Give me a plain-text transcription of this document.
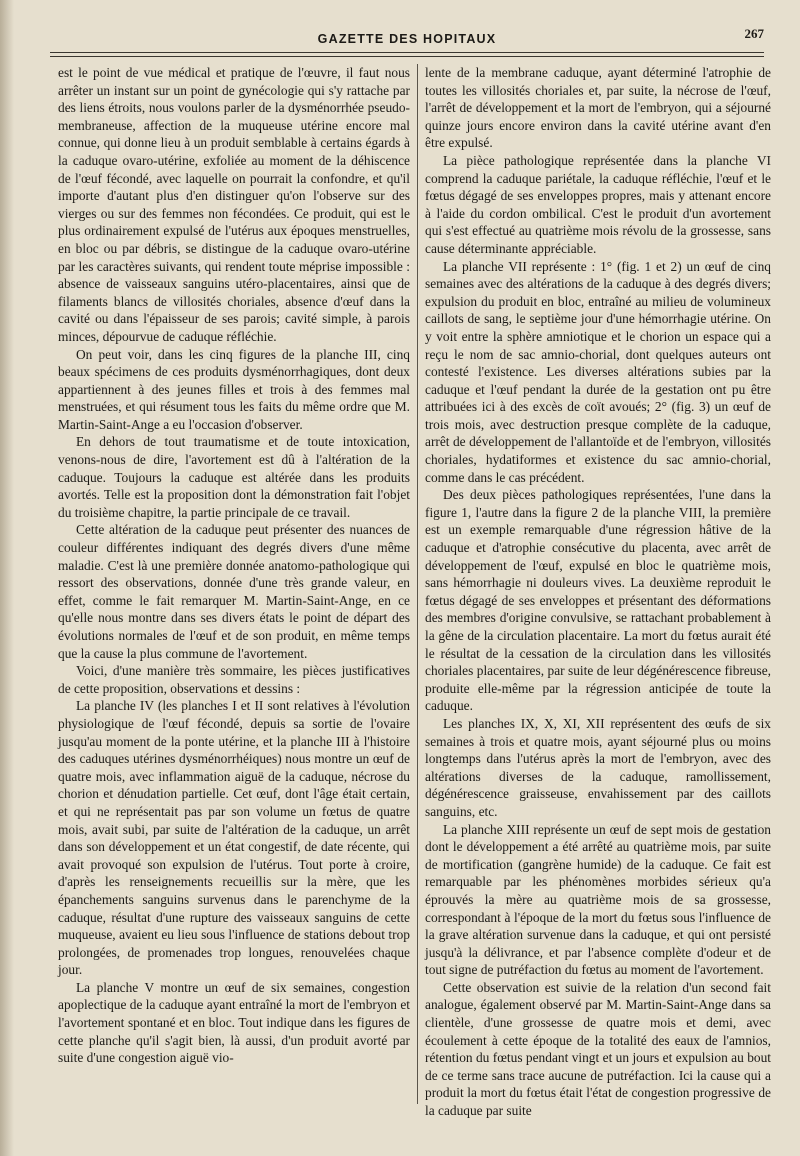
GAZETTE DES HOPITAUX	267

est le point de vue médical et pratique de l'œuvre, il faut nous arrêter un instant sur un point de gynécologie qui s'y rattache par des liens étroits, nous voulons parler de la dysménorrhée pseudo-membraneuse, affection de la muqueuse utérine encore mal connue, qui donne lieu à un produit semblable à certains égards à la caduque ovaro-utérine, exfoliée au moment de la déhiscence de l'œuf fécondé, avec laquelle on pourrait la confondre, et qu'il importe d'autant plus d'en distinguer qu'on l'observe sur des vierges ou sur des femmes non fécondées. Ce produit, qui est le plus ordinairement expulsé de l'utérus aux époques menstruelles, en bloc ou par débris, se distingue de la caduque ovaro-utérine par les caractères suivants, qui rendent toute méprise impossible : absence de vaisseaux sanguins utéro-placentaires, ainsi que de filaments blancs de villosités choriales, absence d'œuf dans la cavité ou dans l'épaisseur de ses parois; cavité simple, à parois minces, dépourvue de caduque réfléchie.

On peut voir, dans les cinq figures de la planche III, cinq beaux spécimens de ces produits dysménorrhagiques, dont deux appartiennent à des jeunes filles et trois à des femmes mal menstruées, et qui résument tous les faits du même ordre que M. Martin-Saint-Ange a eu l'occasion d'observer.

En dehors de tout traumatisme et de toute intoxication, venons-nous de dire, l'avortement est dû à l'altération de la caduque. Toujours la caduque est altérée dans les produits avortés. Telle est la proposition dont la démonstration fait l'objet du troisième chapitre, la partie principale de ce travail.

Cette altération de la caduque peut présenter des nuances de couleur différentes indiquant des degrés divers d'une même maladie. C'est là une première donnée anatomo-pathologique qui ressort des observations, donnée d'une très grande valeur, en effet, comme le fait remarquer M. Martin-Saint-Ange, en ce qu'elle nous montre dans ses divers états le point de départ des évolutions normales de l'œuf et de son produit, en même temps que la cause la plus commune de l'avortement.

Voici, d'une manière très sommaire, les pièces justificatives de cette proposition, observations et dessins :

La planche IV (les planches I et II sont relatives à l'évolution physiologique de l'œuf fécondé, depuis sa sortie de l'ovaire jusqu'au moment de la ponte utérine, et la planche III à l'histoire des caduques utérines dysménorrhéiques) nous montre un œuf de quatre mois, avec inflammation aiguë de la caduque, nécrose du chorion et dénudation partielle. Cet œuf, dont l'âge était certain, et qui ne représentait pas par son volume un fœtus de quatre mois, avait subi, par suite de l'altération de la caduque, un arrêt dans son développement et un état congestif, de date récente, qui avait provoqué son expulsion de l'utérus. Tout porte à croire, d'après les renseignements recueillis sur la mère, que les épanchements sanguins survenus dans le parenchyme de la caduque, résultat d'une rupture des vaisseaux sanguins de cette muqueuse, avaient eu lieu sous l'influence de stations debout trop prolongées, de promenades trop longues, renouvelées chaque jour.

La planche V montre un œuf de six semaines, congestion apoplectique de la caduque ayant entraîné la mort de l'embryon et l'avortement spontané et en bloc. Tout indique dans les figures de cette planche qu'il s'agit bien, là aussi, d'un produit avorté par suite d'une congestion aiguë vio-

lente de la membrane caduque, ayant déterminé l'atrophie de toutes les villosités choriales et, par suite, la nécrose de l'œuf, l'arrêt de développement et la mort de l'embryon, qui a séjourné quinze jours encore environ dans la cavité utérine avant d'en être expulsé.

La pièce pathologique représentée dans la planche VI comprend la caduque pariétale, la caduque réfléchie, l'œuf et le fœtus dégagé de ses enveloppes propres, mais y attenant encore à l'aide du cordon ombilical. C'est le produit d'un avortement qui s'est effectué au quatrième mois révolu de la grossesse, sans cause déterminante appréciable.

La planche VII représente : 1° (fig. 1 et 2) un œuf de cinq semaines avec des altérations de la caduque à des degrés divers; expulsion du produit en bloc, entraîné au milieu de volumineux caillots de sang, le septième jour d'une hémorrhagie utérine. On y voit entre la sphère amniotique et le chorion un espace qui a reçu le nom de sac amnio-chorial, dont quelques auteurs ont contesté l'existence. Les diverses altérations subies par la caduque et l'œuf pendant la durée de la gestation ont pu être attribuées ici à des excès de coït avoués; 2° (fig. 3) un œuf de trois mois, avec destruction presque complète de la caduque, arrêt de développement de l'allantoïde et de l'embryon, villosités choriales, hydatiformes et existence du sac amnio-chorial, comme dans le cas précédent.

Des deux pièces pathologiques représentées, l'une dans la figure 1, l'autre dans la figure 2 de la planche VIII, la première est un exemple remarquable d'une régression hâtive de la caduque et d'atrophie consécutive du placenta, avec arrêt de développement de l'œuf, expulsé en bloc le quatrième mois, sans hémorrhagie ni douleurs vives. La deuxième reproduit le fœtus dégagé de ses enveloppes et présentant des déformations des membres d'origine convulsive, se rattachant probablement à la gêne de la circulation placentaire. La mort du fœtus aurait été le résultat de la cessation de la circulation dans les villosités choriales placentaires, par suite de leur dégénérescence fibreuse, produite elle-même par la régression anticipée de toute la caduque.

Les planches IX, X, XI, XII représentent des œufs de six semaines à trois et quatre mois, ayant séjourné plus ou moins longtemps dans l'utérus après la mort de l'embryon, avec des altérations diverses de la caduque, ramollissement, dégénérescence graisseuse, envahissement par des caillots sanguins, etc.

La planche XIII représente un œuf de sept mois de gestation dont le développement a été arrêté au quatrième mois, par suite de mortification (gangrène humide) de la caduque. Ce fait est remarquable par les phénomènes morbides sérieux qu'a éprouvés la mère au quatrième mois de sa grossesse, correspondant à l'époque de la mort du fœtus sous l'influence de la grave altération survenue dans la caduque, et qui ont persisté jusqu'à la délivrance, et par l'absence complète d'odeur et de tout signe de putréfaction du fœtus au moment de l'avortement.

Cette observation est suivie de la relation d'un second fait analogue, également observé par M. Martin-Saint-Ange dans sa clientèle, d'une grossesse de quatre mois et demi, avec écoulement à cette époque de la totalité des eaux de l'amnios, rétention du fœtus pendant vingt et un jours et expulsion au bout de ce terme sans trace aucune de putréfaction. Ici la cause qui a produit la mort du fœtus était l'état de congestion progressive de la caduque par suite
